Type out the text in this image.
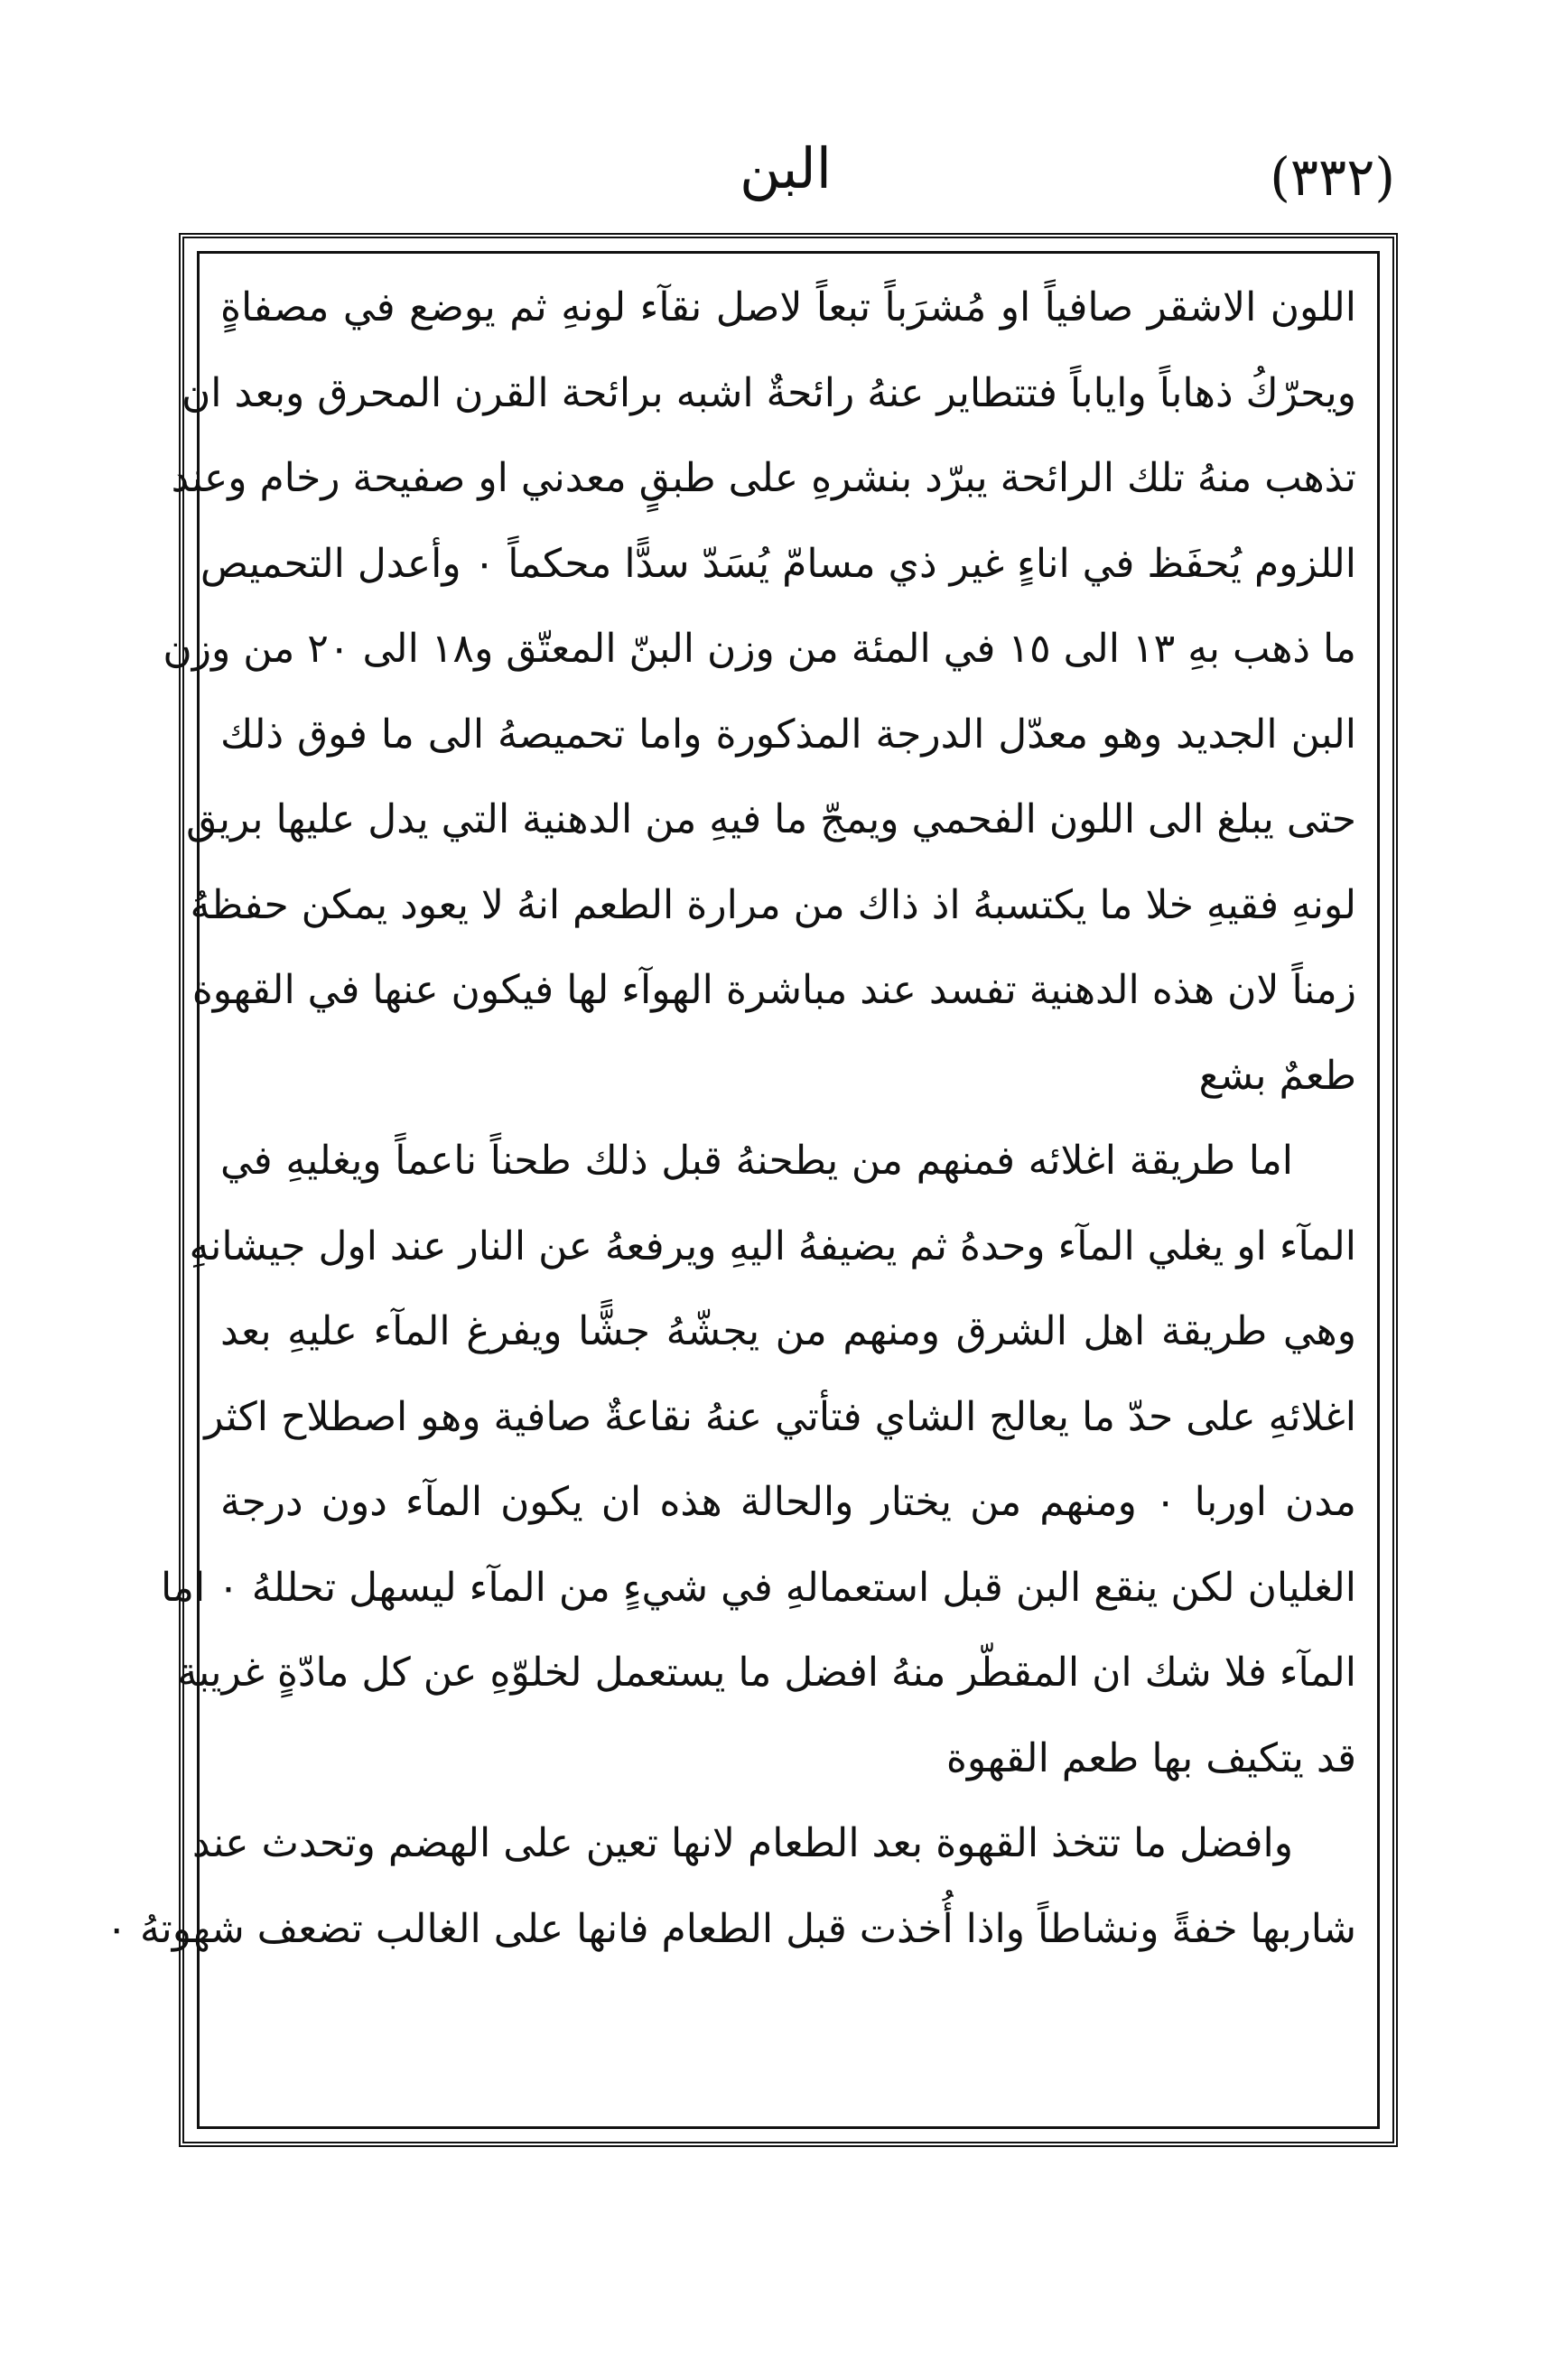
(٣٣٢)
البن
اللون الاشقر صافياً او مُشرَباً تبعاً لاصل نقآء لونهِ ثم يوضع في مصفاةٍ
ويحرّكُ ذهاباً واياباً فتتطاير عنهُ رائحةٌ اشبه برائحة القرن المحرق وبعد ان
تذهب منهُ تلك الرائحة يبرّد بنشرهِ على طبقٍ معدني او صفيحة رخام وعند
اللزوم يُحفَظ في اناءٍ غير ذي مسامّ يُسَدّ سدًّا محكماً ٠ وأعدل التحميص
ما ذهب بهِ ١٣ الى ١٥ في المئة من وزن البنّ المعتّق و١٨ الى ٢٠ من وزن
البن الجديد وهو معدّل الدرجة المذكورة واما تحميصهُ الى ما فوق ذلك
حتى يبلغ الى اللون الفحمي ويمجّ ما فيهِ من الدهنية التي يدل عليها بريق
لونهِ فقيهِ خلا ما يكتسبهُ اذ ذاك من مرارة الطعم انهُ لا يعود يمكن حفظهُ
زمناً لان هذه الدهنية تفسد عند مباشرة الهوآء لها فيكون عنها في القهوة
طعمٌ بشع
اما طريقة اغلائه فمنهم من يطحنهُ قبل ذلك طحناً ناعماً ويغليهِ في
المآء او يغلي المآء وحدهُ ثم يضيفهُ اليهِ ويرفعهُ عن النار عند اول جيشانهِ
وهي طريقة اهل الشرق ومنهم من يجشّهُ جشًّا ويفرغ المآء عليهِ بعد
اغلائهِ على حدّ ما يعالج الشاي فتأتي عنهُ نقاعةٌ صافية وهو اصطلاح اكثر
مدن اوربا ٠ ومنهم من يختار والحالة هذه ان يكون المآء دون درجة
الغليان لكن ينقع البن قبل استعمالهِ في شيءٍ من المآء ليسهل تحللهُ ٠ اما
المآء فلا شك ان المقطّر منهُ افضل ما يستعمل لخلوّهِ عن كل مادّةٍ غريبة
قد يتكيف بها طعم القهوة
وافضل ما تتخذ القهوة بعد الطعام لانها تعين على الهضم وتحدث عند
شاربها خفةً ونشاطاً واذا أُخذت قبل الطعام فانها على الغالب تضعف شهوتهُ ٠
